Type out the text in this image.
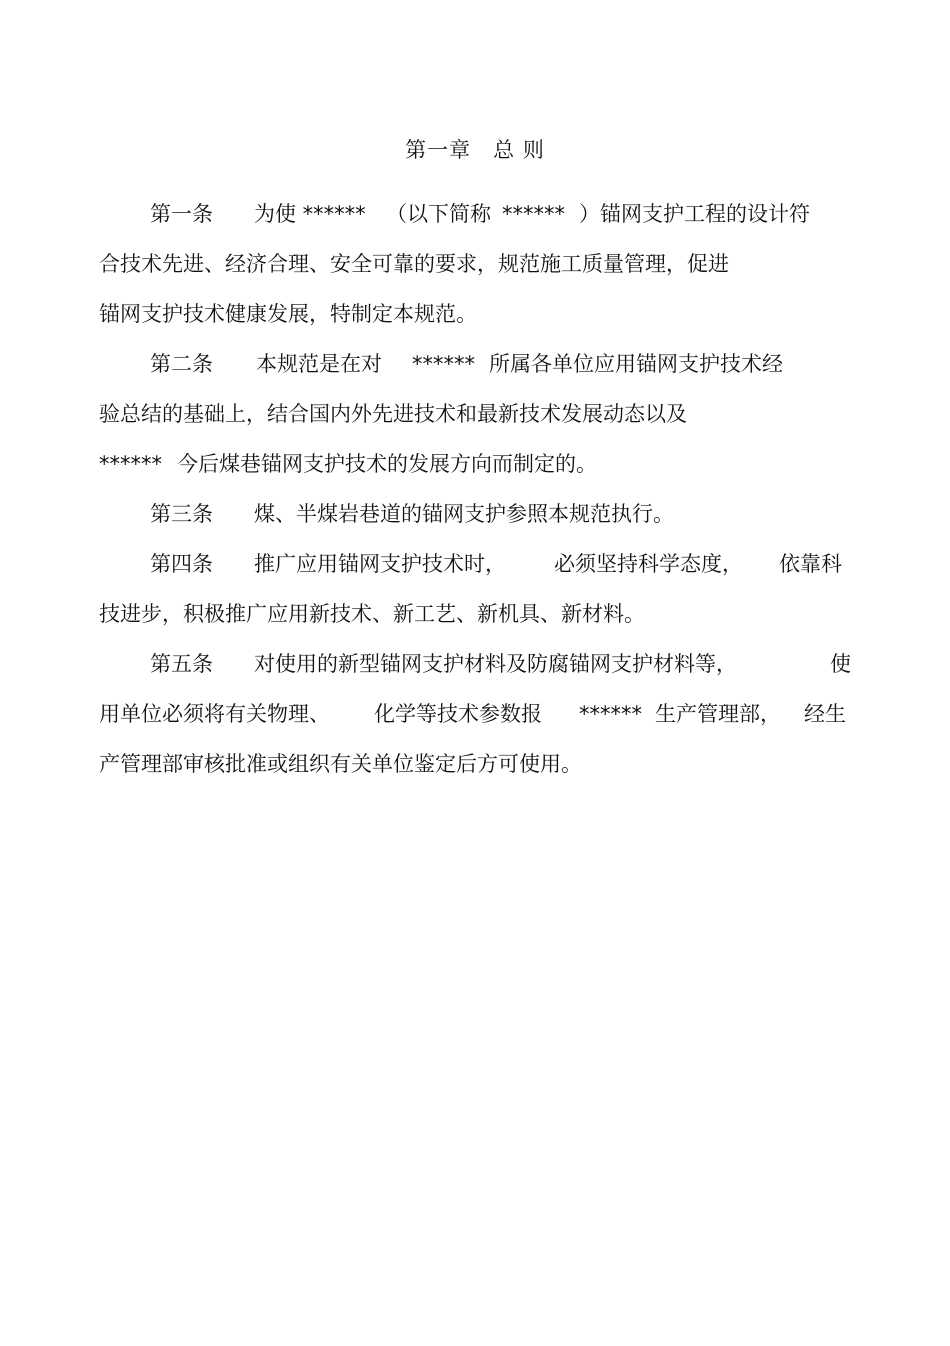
第一章　总 则
第一条 为使 ****** （以下简称 ****** ）锚网支护工程的设计符
合技术先进、经济合理、安全可靠的要求，规范施工质量管理，促进
锚网支护技术健康发展，特制定本规范。
第二条 本规范是在对 ****** 所属各单位应用锚网支护技术经
验总结的基础上，结合国内外先进技术和最新技术发展动态以及
****** 今后煤巷锚网支护技术的发展方向而制定的。
第三条 煤、半煤岩巷道的锚网支护参照本规范执行。
第四条 推广应用锚网支护技术时， 必须坚持科学态度， 依靠科
技进步，积极推广应用新技术、新工艺、新机具、新材料。
第五条 对使用的新型锚网支护材料及防腐锚网支护材料等，	使
用单位必须将有关物理、 化学等技术参数报 ****** 生产管理部， 经生
产管理部审核批准或组织有关单位鉴定后方可使用。
